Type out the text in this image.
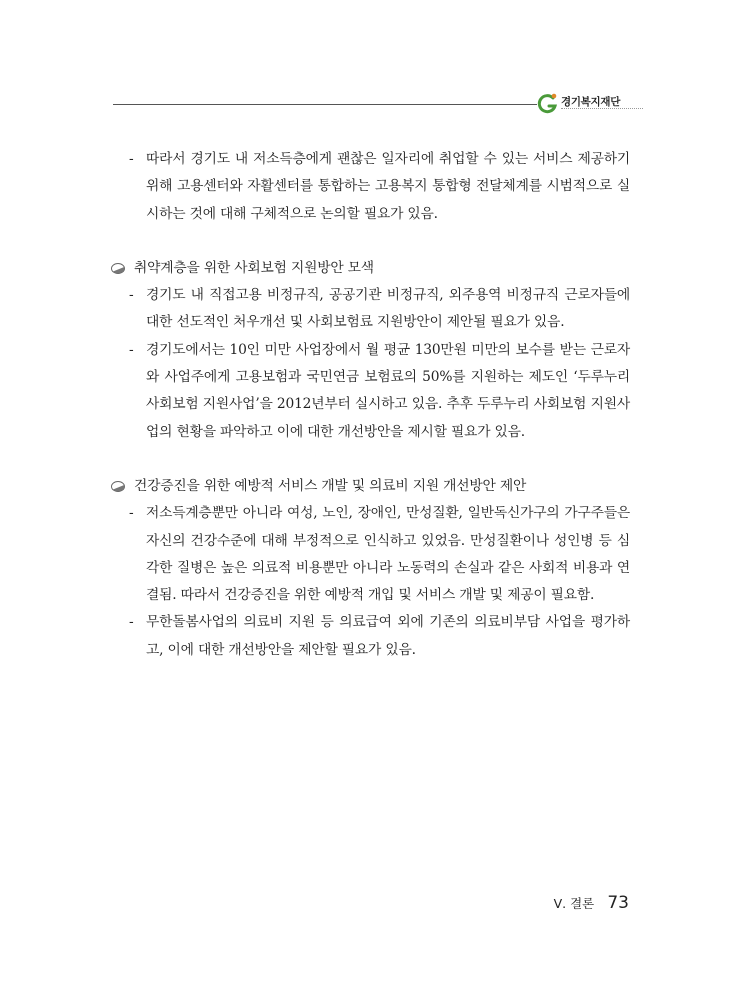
경기복지재단
- 따라서 경기도 내 저소득층에게 괜찮은 일자리에 취업할 수 있는 서비스 제공하기 위해 고용센터와 자활센터를 통합하는 고용복지 통합형 전달체계를 시범적으로 실시하는 것에 대해 구체적으로 논의할 필요가 있음.
취약계층을 위한 사회보험 지원방안 모색
- 경기도 내 직접고용 비정규직, 공공기관 비정규직, 외주용역 비정규직 근로자들에 대한 선도적인 처우개선 및 사회보험료 지원방안이 제안될 필요가 있음.
- 경기도에서는 10인 미만 사업장에서 월 평균 130만원 미만의 보수를 받는 근로자와 사업주에게 고용보험과 국민연금 보험료의 50%를 지원하는 제도인 ‘두루누리 사회보험 지원사업’을 2012년부터 실시하고 있음. 추후 두루누리 사회보험 지원사업의 현황을 파악하고 이에 대한 개선방안을 제시할 필요가 있음.
건강증진을 위한 예방적 서비스 개발 및 의료비 지원 개선방안 제안
- 저소득계층뿐만 아니라 여성, 노인, 장애인, 만성질환, 일반독신가구의 가구주들은 자신의 건강수준에 대해 부정적으로 인식하고 있었음. 만성질환이나 성인병 등 심각한 질병은 높은 의료적 비용뿐만 아니라 노동력의 손실과 같은 사회적 비용과 연결됨. 따라서 건강증진을 위한 예방적 개입 및 서비스 개발 및 제공이 필요함.
- 무한돌봄사업의 의료비 지원 등 의료급여 외에 기존의 의료비부담 사업을 평가하고, 이에 대한 개선방안을 제안할 필요가 있음.
Ⅴ. 결론 73
